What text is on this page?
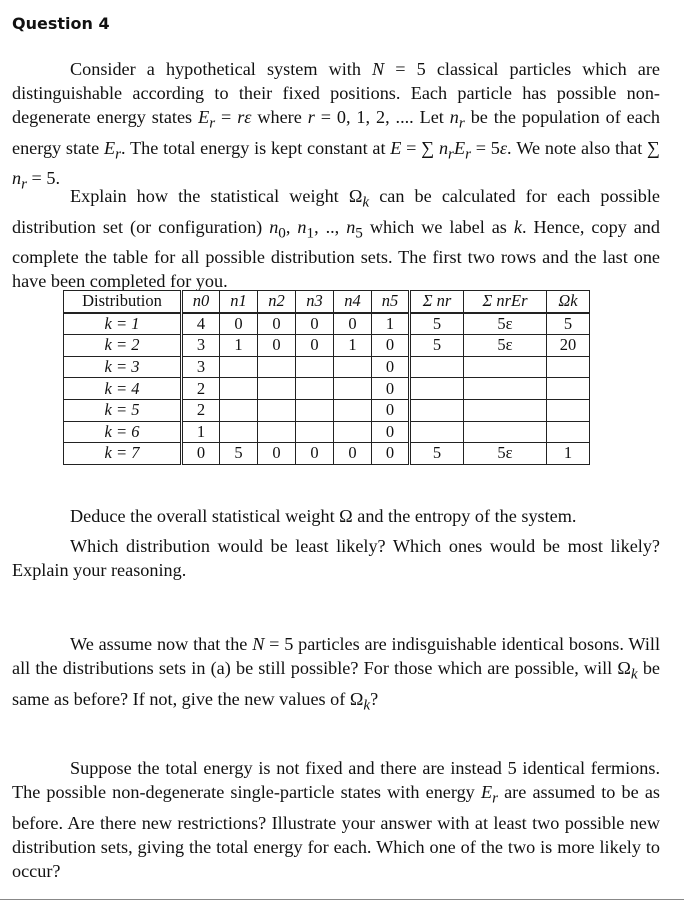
Question 4
Consider a hypothetical system with N = 5 classical particles which are distinguishable according to their fixed positions. Each particle has possible non-degenerate energy states $E_r = r\varepsilon$ where r = 0, 1, 2, .... Let $n_r$ be the population of each energy state $E_r$. The total energy is kept constant at E = ∑ $n_rE_r = 5\varepsilon$. We note also that ∑ $n_r = 5$.
Explain how the statistical weight $\Omega_k$ can be calculated for each possible distribution set (or configuration) $n_0$, $n_1$, .., $n_5$ which we label as k. Hence, copy and complete the table for all possible distribution sets. The first two rows and the last one have been completed for you.
Distribution	n0	n1	n2	n3	n4	n5	Σ nr	Σ nrEr	Ωk
k = 1	4	0	0	0	0	1	5	5ε	5
k = 2	3	1	0	0	1	0	5	5ε	20
k = 3	3					0			
k = 4	2					0			
k = 5	2					0			
k = 6	1					0			
k = 7	0	5	0	0	0	0	5	5ε	1
Deduce the overall statistical weight Ω and the entropy of the system.
Which distribution would be least likely? Which ones would be most likely? Explain your reasoning.
We assume now that the N = 5 particles are indisguishable identical bosons. Will all the distributions sets in (a) be still possible? For those which are possible, will $\Omega_k$ be same as before? If not, give the new values of $\Omega_k$?
Suppose the total energy is not fixed and there are instead 5 identical fermions. The possible non-degenerate single-particle states with energy $E_r$ are assumed to be as before. Are there new restrictions? Illustrate your answer with at least two possible new distribution sets, giving the total energy for each. Which one of the two is more likely to occur?
